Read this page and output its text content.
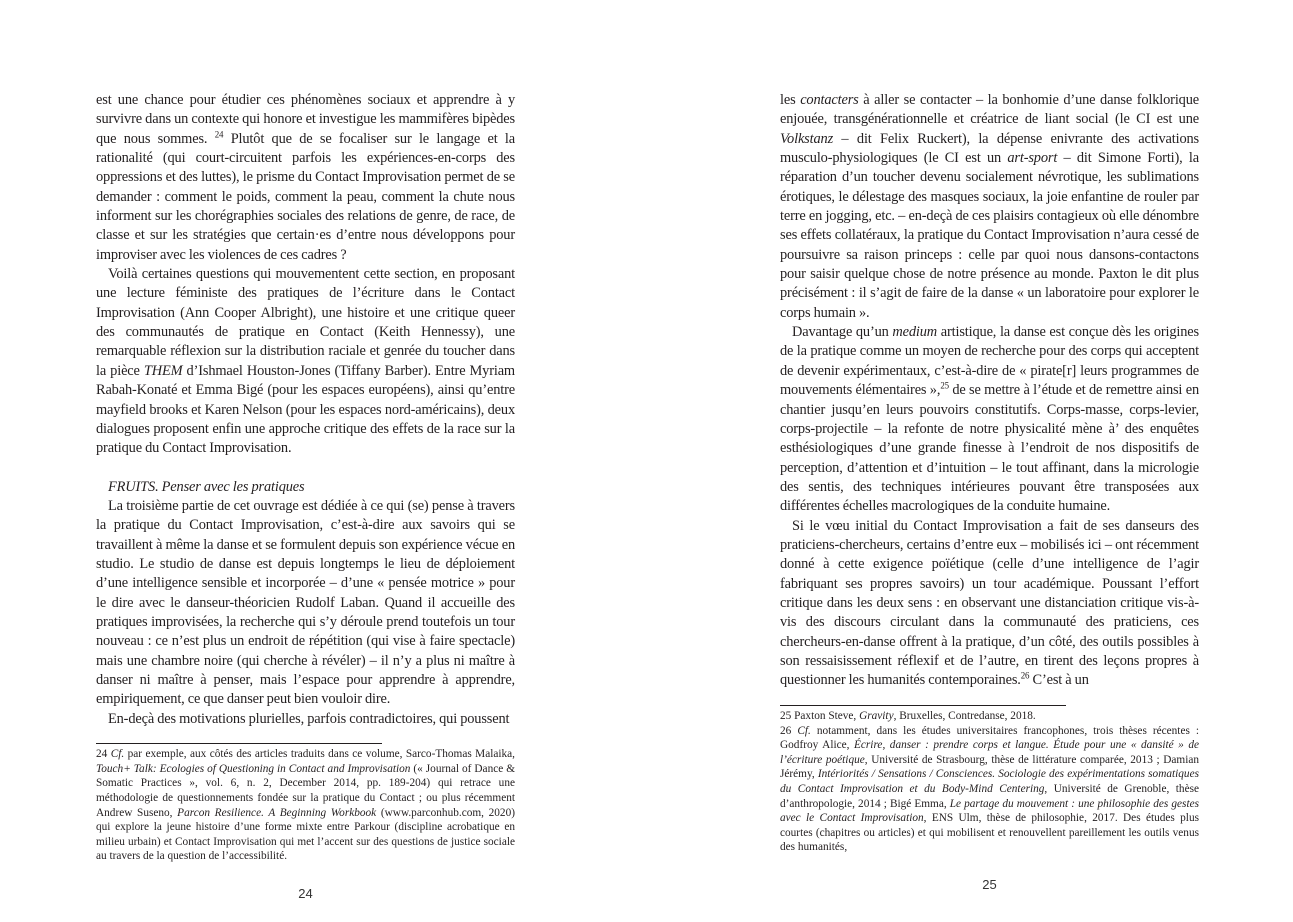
est une chance pour étudier ces phénomènes sociaux et apprendre à y survivre dans un contexte qui honore et investigue les mammifères bipèdes que nous sommes. $^{24}$ Plutôt que de se focaliser sur le langage et la rationalité (qui court-circuitent parfois les expériences-en-corps des oppressions et des luttes), le prisme du Contact Improvisation permet de se demander : comment le poids, comment la peau, comment la chute nous informent sur les chorégraphies sociales des relations de genre, de race, de classe et sur les stratégies que certain·es d’entre nous développons pour improviser avec les violences de ces cadres ?

Voilà certaines questions qui mouvementent cette section, en proposant une lecture féministe des pratiques de l’écriture dans le Contact Improvisation (Ann Cooper Albright), une histoire et une critique queer des communautés de pratique en Contact (Keith Hennessy), une remarquable réflexion sur la distribution raciale et genrée du toucher dans la pièce THEM d’Ishmael Houston-Jones (Tiffany Barber). Entre Myriam Rabah-Konaté et Emma Bigé (pour les espaces européens), ainsi qu’entre mayfield brooks et Karen Nelson (pour les espaces nord-américains), deux dialogues proposent enfin une approche critique des effets de la race sur la pratique du Contact Improvisation.

FRUITS. Penser avec les pratiques

La troisième partie de cet ouvrage est dédiée à ce qui (se) pense à travers la pratique du Contact Improvisation, c’est-à-dire aux savoirs qui se travaillent à même la danse et se formulent depuis son expérience vécue en studio. Le studio de danse est depuis longtemps le lieu de déploiement d’une intelligence sensible et incorporée – d’une « pensée motrice » pour le dire avec le danseur-théoricien Rudolf Laban. Quand il accueille des pratiques improvisées, la recherche qui s’y déroule prend toutefois un tour nouveau : ce n’est plus un endroit de répétition (qui vise à faire spectacle) mais une chambre noire (qui cherche à révéler) – il n’y a plus ni maître à danser ni maître à penser, mais l’espace pour apprendre à apprendre, empiriquement, ce que danser peut bien vouloir dire.

En-deçà des motivations plurielles, parfois contradictoires, qui poussent

24 Cf. par exemple, aux côtés des articles traduits dans ce volume, Sarco-Thomas Malaika, Touch+ Talk: Ecologies of Questioning in Contact and Improvisation (« Journal of Dance & Somatic Practices », vol. 6, n. 2, December 2014, pp. 189-204) qui retrace une méthodologie de questionnements fondée sur la pratique du Contact ; ou plus récemment Andrew Suseno, Parcon Resilience. A Beginning Workbook (www.parconhub.com, 2020) qui explore la jeune histoire d’une forme mixte entre Parkour (discipline acrobatique en milieu urbain) et Contact Improvisation qui met l’accent sur des questions de justice sociale au travers de la question de l’accessibilité.

24

les contacters à aller se contacter – la bonhomie d’une danse folklorique enjouée, transgénérationnelle et créatrice de liant social (le CI est une Volkstanz – dit Felix Ruckert), la dépense enivrante des activations musculo-physiologiques (le CI est un art-sport – dit Simone Forti), la réparation d’un toucher devenu socialement névrotique, les sublimations érotiques, le délestage des masques sociaux, la joie enfantine de rouler par terre en jogging, etc. – en-deçà de ces plaisirs contagieux où elle dénombre ses effets collatéraux, la pratique du Contact Improvisation n’aura cessé de poursuivre sa raison princeps : celle par quoi nous dansons-contactons pour saisir quelque chose de notre présence au monde. Paxton le dit plus précisément : il s’agit de faire de la danse « un laboratoire pour explorer le corps humain ».

Davantage qu’un medium artistique, la danse est conçue dès les origines de la pratique comme un moyen de recherche pour des corps qui acceptent de devenir expérimentaux, c’est-à-dire de « pirate[r] leurs programmes de mouvements élémentaires »,$^{25}$ de se mettre à l’étude et de remettre ainsi en chantier jusqu’en leurs pouvoirs constitutifs. Corps-masse, corps-levier, corps-projectile – la refonte de notre physicalité mène à’ des enquêtes esthésiologiques d’une grande finesse à l’endroit de nos dispositifs de perception, d’attention et d’intuition – le tout affinant, dans la micrologie des sentis, des techniques intérieures pouvant être transposées aux différentes échelles macrologiques de la conduite humaine.

Si le vœu initial du Contact Improvisation a fait de ses danseurs des praticiens-chercheurs, certains d’entre eux – mobilisés ici – ont récemment donné à cette exigence poïétique (celle d’une intelligence de l’agir fabriquant ses propres savoirs) un tour académique. Poussant l’effort critique dans les deux sens : en observant une distanciation critique vis-à-vis des discours circulant dans la communauté des praticiens, ces chercheurs-en-danse offrent à la pratique, d’un côté, des outils possibles à son ressaisissement réflexif et de l’autre, en tirent des leçons propres à questionner les humanités contemporaines.$^{26}$ C’est à un

25 Paxton Steve, Gravity, Bruxelles, Contredanse, 2018.

26 Cf. notamment, dans les études universitaires francophones, trois thèses récentes : Godfroy Alice, Écrire, danser : prendre corps et langue. Étude pour une « dansité » de l’écriture poétique, Université de Strasbourg, thèse de littérature comparée, 2013 ; Damian Jérémy, Intériorités / Sensations / Consciences. Sociologie des expérimentations somatiques du Contact Improvisation et du Body-Mind Centering, Université de Grenoble, thèse d’anthropologie, 2014 ; Bigé Emma, Le partage du mouvement : une philosophie des gestes avec le Contact Improvisation, ENS Ulm, thèse de philosophie, 2017. Des études plus courtes (chapitres ou articles) et qui mobilisent et renouvellent pareillement les outils venus des humanités,

25
